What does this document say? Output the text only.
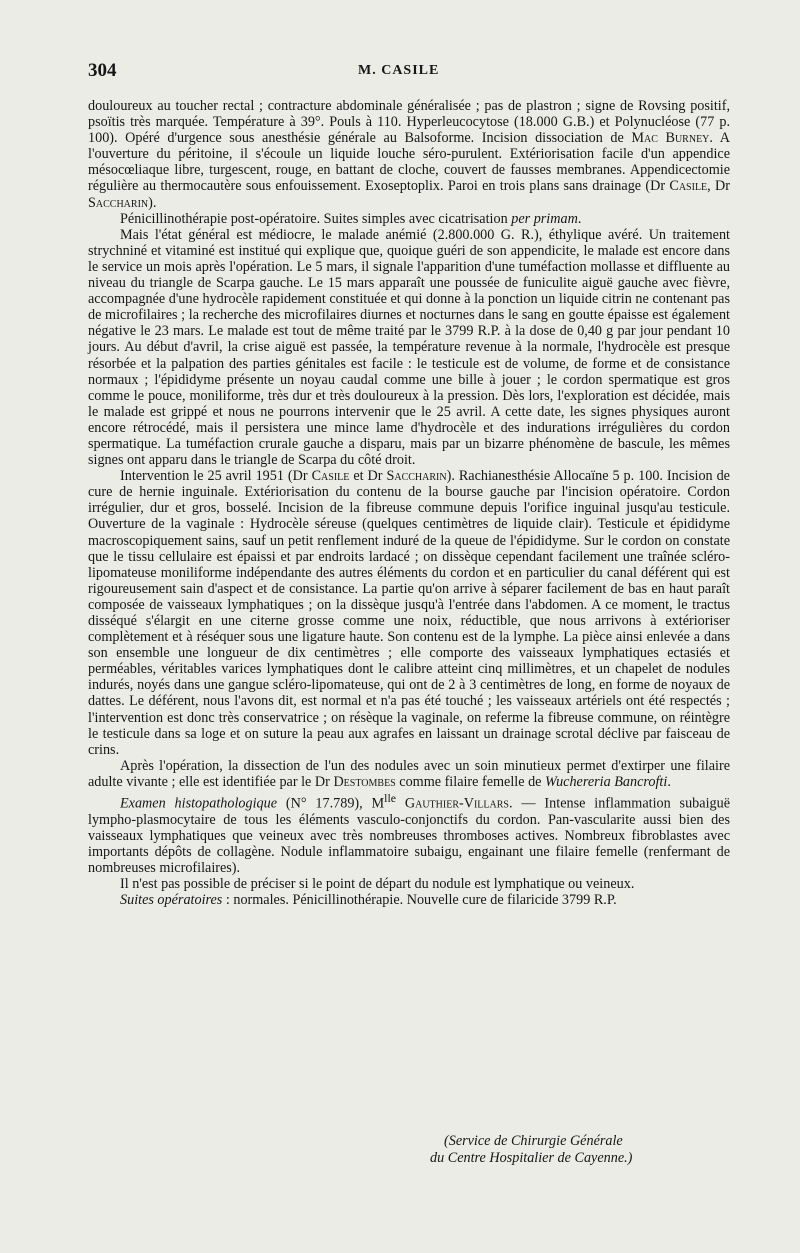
304	M. CASILE

douloureux au toucher rectal ; contracture abdominale généralisée ; pas de plastron ; signe de Rovsing positif, psoïtis très marquée. Température à 39°. Pouls à 110. Hyperleucocytose (18.000 G.B.) et Polynucléose (77 p. 100). Opéré d'urgence sous anesthésie générale au Balsoforme. Incision dissociation de Mac Burney. A l'ouverture du péritoine, il s'écoule un liquide louche séro-purulent. Extériorisation facile d'un appendice mésocœliaque libre, turgescent, rouge, en battant de cloche, couvert de fausses membranes. Appendicectomie régulière au thermocautère sous enfouissement. Exoseptoplix. Paroi en trois plans sans drainage (Dr Casile, Dr Saccharin).

Pénicillinothérapie post-opératoire. Suites simples avec cicatrisation per primam.

Mais l'état général est médiocre, le malade anémié (2.800.000 G. R.), éthylique avéré. Un traitement strychniné et vitaminé est institué qui explique que, quoique guéri de son appendicite, le malade est encore dans le service un mois après l'opération. Le 5 mars, il signale l'apparition d'une tuméfaction mollasse et diffluente au niveau du triangle de Scarpa gauche. Le 15 mars apparaît une poussée de funiculite aiguë gauche avec fièvre, accompagnée d'une hydrocèle rapidement constituée et qui donne à la ponction un liquide citrin ne contenant pas de microfilaires ; la recherche des microfilaires diurnes et nocturnes dans le sang en goutte épaisse est également négative le 23 mars. Le malade est tout de même traité par le 3799 R.P. à la dose de 0,40 g par jour pendant 10 jours. Au début d'avril, la crise aiguë est passée, la température revenue à la normale, l'hydrocèle est presque résorbée et la palpation des parties génitales est facile : le testicule est de volume, de forme et de consistance normaux ; l'épididyme présente un noyau caudal comme une bille à jouer ; le cordon spermatique est gros comme le pouce, moniliforme, très dur et très douloureux à la pression. Dès lors, l'exploration est décidée, mais le malade est grippé et nous ne pourrons intervenir que le 25 avril. A cette date, les signes physiques auront encore rétrocédé, mais il persistera une mince lame d'hydrocèle et des indurations irrégulières du cordon spermatique. La tuméfaction crurale gauche a disparu, mais par un bizarre phénomène de bascule, les mêmes signes ont apparu dans le triangle de Scarpa du côté droit.

Intervention le 25 avril 1951 (Dr Casile et Dr Saccharin). Rachianesthésie Allocaïne 5 p. 100. Incision de cure de hernie inguinale. Extériorisation du contenu de la bourse gauche par l'incision opératoire. Cordon irrégulier, dur et gros, bosselé. Incision de la fibreuse commune depuis l'orifice inguinal jusqu'au testicule. Ouverture de la vaginale : Hydrocèle séreuse (quelques centimètres de liquide clair). Testicule et épididyme macroscopiquement sains, sauf un petit renflement induré de la queue de l'épididyme. Sur le cordon on constate que le tissu cellulaire est épaissi et par endroits lardacé ; on dissèque cependant facilement une traînée scléro-lipomateuse moniliforme indépendante des autres éléments du cordon et en particulier du canal déférent qui est rigoureusement sain d'aspect et de consistance. La partie qu'on arrive à séparer facilement de bas en haut paraît composée de vaisseaux lymphatiques ; on la dissèque jusqu'à l'entrée dans l'abdomen. A ce moment, le tractus disséqué s'élargit en une citerne grosse comme une noix, réductible, que nous arrivons à extérioriser complètement et à réséquer sous une ligature haute. Son contenu est de la lymphe. La pièce ainsi enlevée a dans son ensemble une longueur de dix centimètres ; elle comporte des vaisseaux lymphatiques ectasiés et perméables, véritables varices lymphatiques dont le calibre atteint cinq millimètres, et un chapelet de nodules indurés, noyés dans une gangue scléro-lipomateuse, qui ont de 2 à 3 centimètres de long, en forme de noyaux de dattes. Le déférent, nous l'avons dit, est normal et n'a pas été touché ; les vaisseaux artériels ont été respectés ; l'intervention est donc très conservatrice ; on résèque la vaginale, on referme la fibreuse commune, on réintègre le testicule dans sa loge et on suture la peau aux agrafes en laissant un drainage scrotal déclive par faisceau de crins.

Après l'opération, la dissection de l'un des nodules avec un soin minutieux permet d'extirper une filaire adulte vivante ; elle est identifiée par le Dr Destombes comme filaire femelle de Wuchereria Bancrofti.

Examen histopathologique (N° 17.789), $M^{lle}$ Gauthier-Villars. — Intense inflammation subaiguë lympho-plasmocytaire de tous les éléments vasculo-conjonctifs du cordon. Pan-vascularite aussi bien des vaisseaux lymphatiques que veineux avec très nombreuses thromboses actives. Nombreux fibroblastes avec importants dépôts de collagène. Nodule inflammatoire subaigu, engainant une filaire femelle (renfermant de nombreuses microfilaires).

Il n'est pas possible de préciser si le point de départ du nodule est lymphatique ou veineux.

Suites opératoires : normales. Pénicillinothérapie. Nouvelle cure de filaricide 3799 R.P.

(Service de Chirurgie Générale
du Centre Hospitalier de Cayenne.)
